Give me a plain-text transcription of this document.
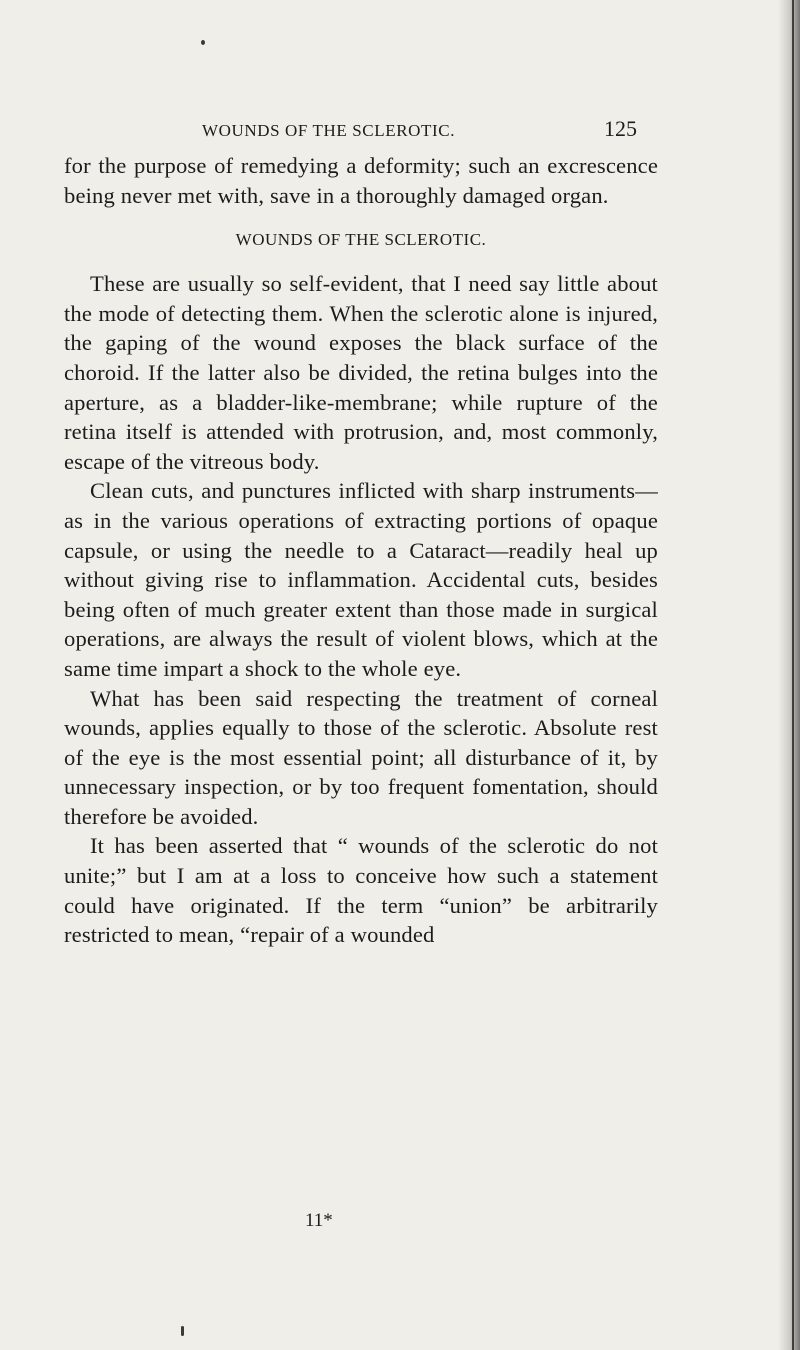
WOUNDS OF THE SCLEROTIC.	125

for the purpose of remedying a deformity; such an excrescence being never met with, save in a thoroughly damaged organ.

WOUNDS OF THE SCLEROTIC.

These are usually so self-evident, that I need say little about the mode of detecting them. When the sclerotic alone is injured, the gaping of the wound exposes the black surface of the choroid. If the latter also be divided, the retina bulges into the aperture, as a bladder-like-membrane; while rupture of the retina itself is attended with protrusion, and, most commonly, escape of the vitreous body.

Clean cuts, and punctures inflicted with sharp instruments—as in the various operations of extracting portions of opaque capsule, or using the needle to a Cataract—readily heal up without giving rise to inflammation. Accidental cuts, besides being often of much greater extent than those made in surgical operations, are always the result of violent blows, which at the same time impart a shock to the whole eye.

What has been said respecting the treatment of corneal wounds, applies equally to those of the sclerotic. Absolute rest of the eye is the most essential point; all disturbance of it, by unnecessary inspection, or by too frequent fomentation, should therefore be avoided.

It has been asserted that “ wounds of the sclerotic do not unite;” but I am at a loss to conceive how such a statement could have originated. If the term “union” be arbitrarily restricted to mean, “repair of a wounded

11*
